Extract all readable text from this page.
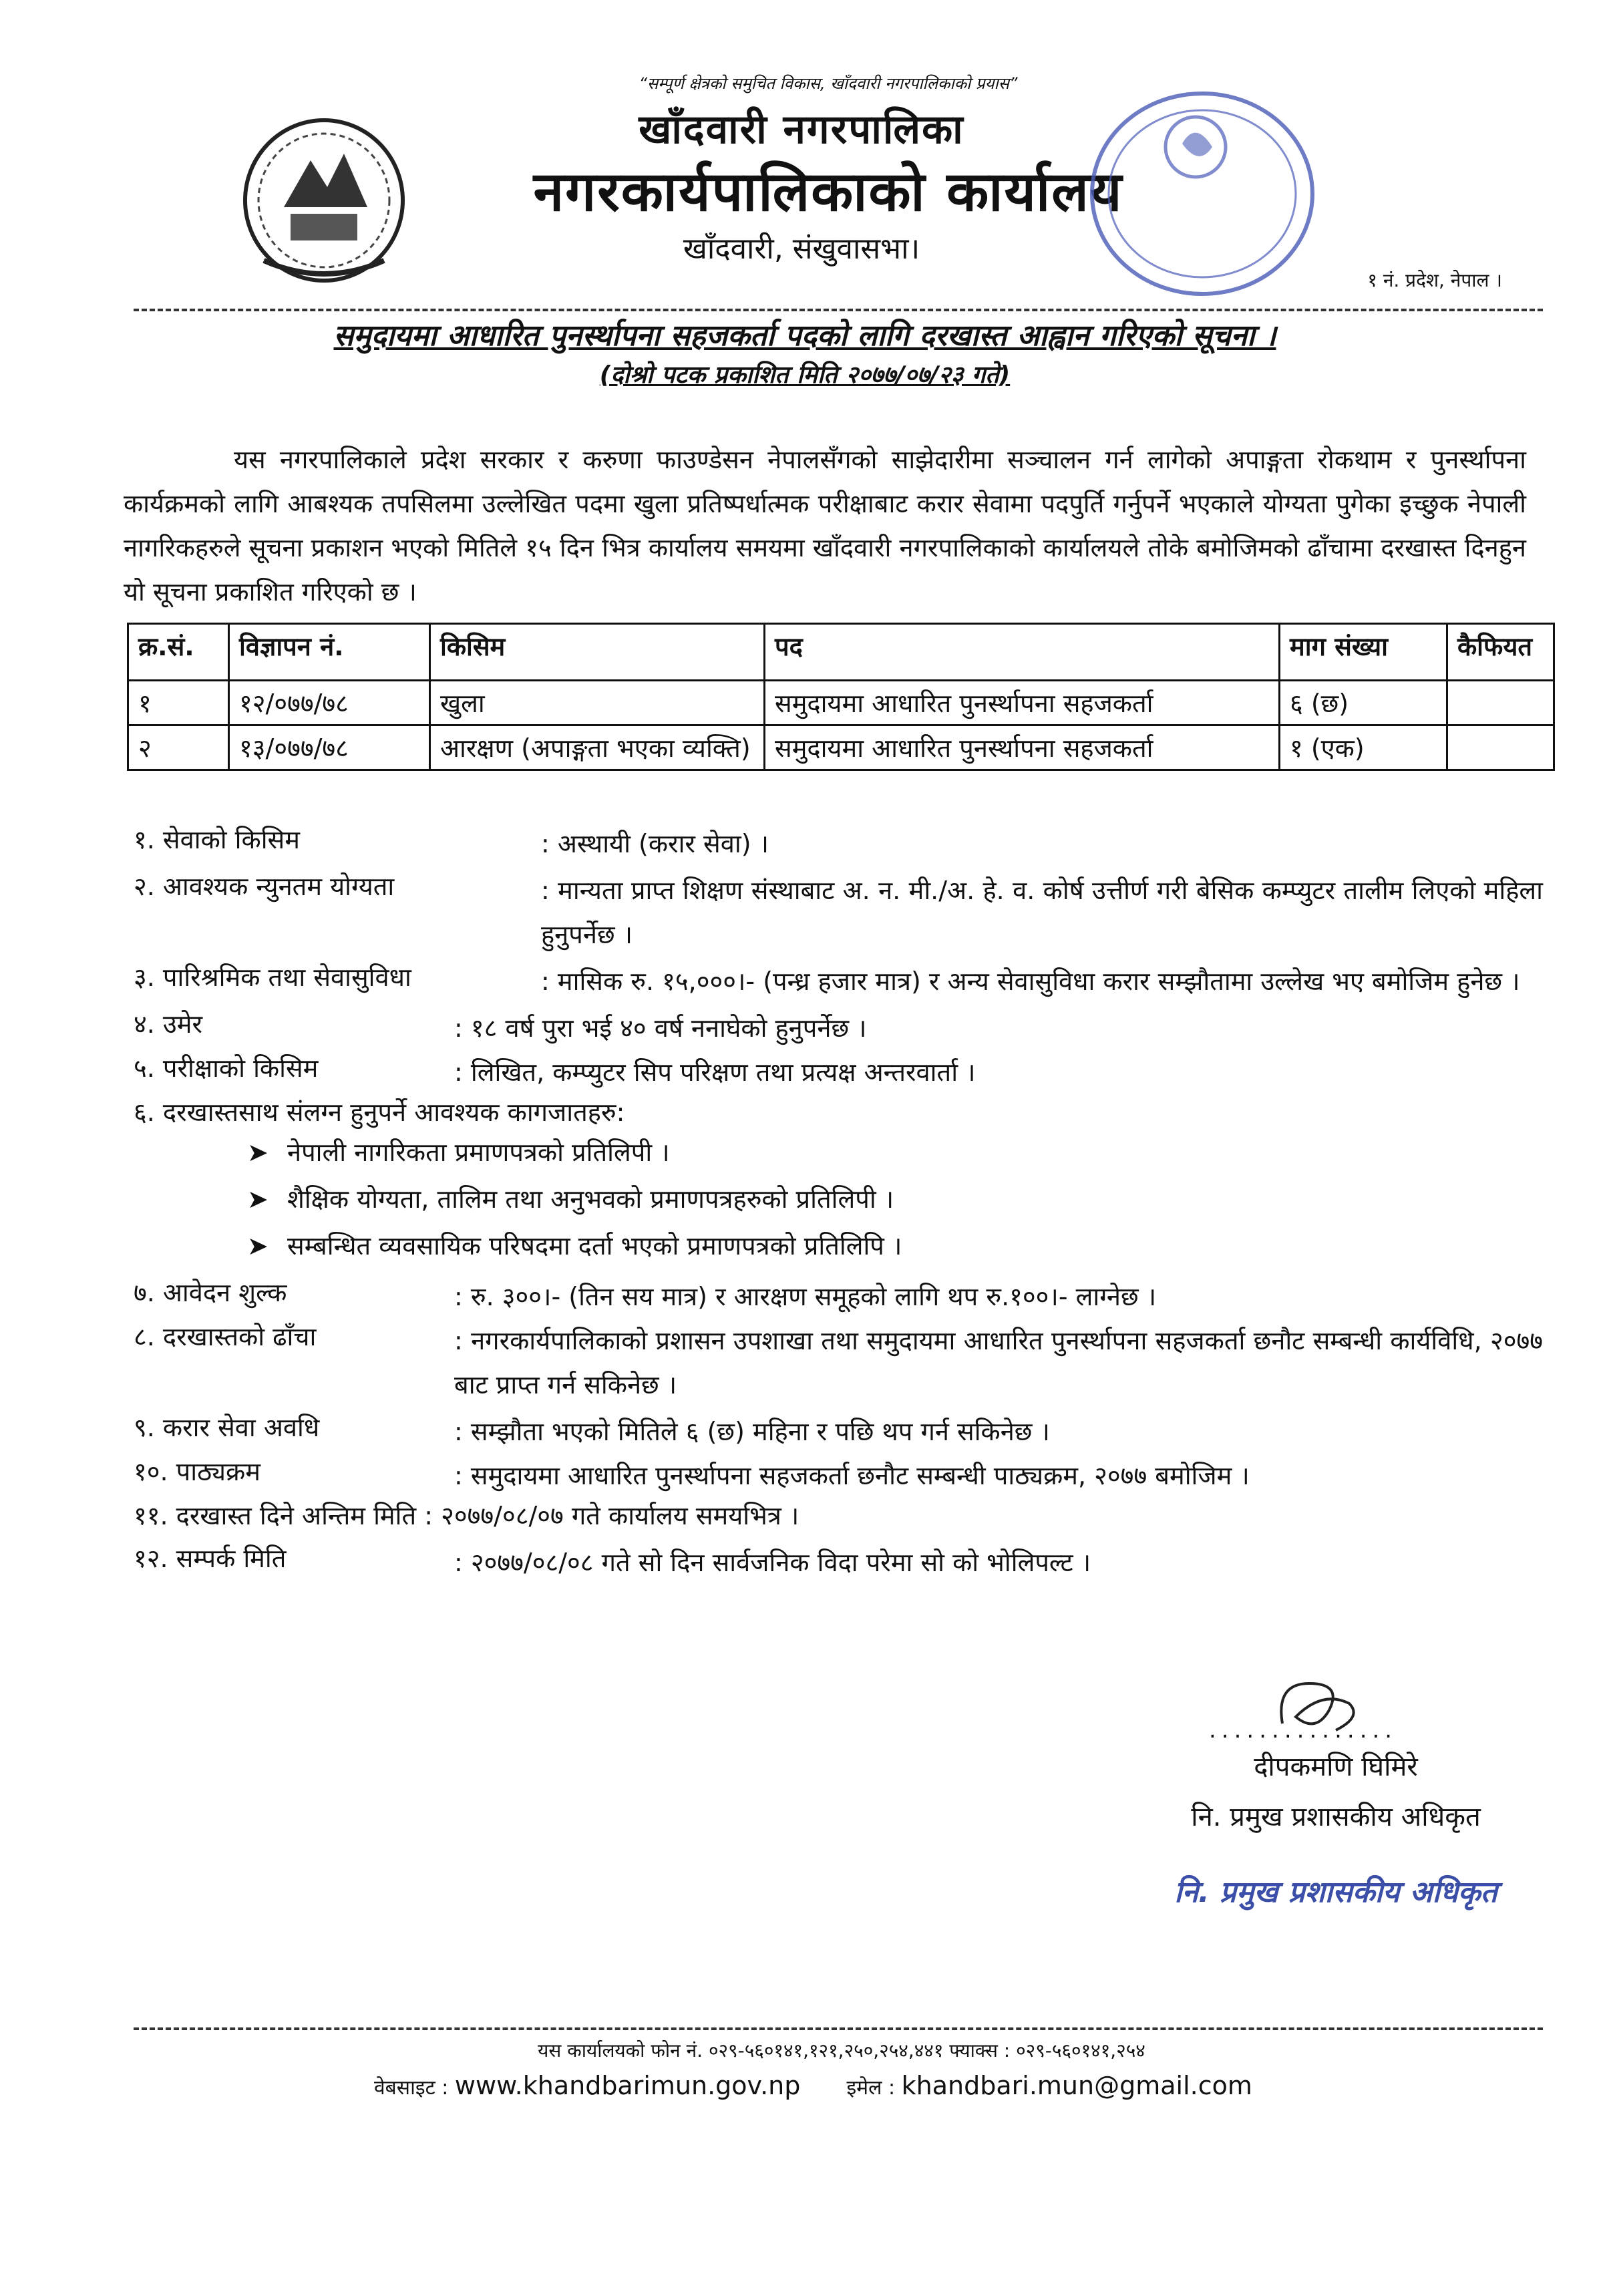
“सम्पूर्ण क्षेत्रको समुचित विकास, खाँदवारी नगरपालिकाको प्रयास”
खाँदवारी नगरपालिका
नगरकार्यपालिकाको कार्यालय
खाँदवारी, संखुवासभा।
१ नं. प्रदेश, नेपाल ।
समुदायमा आधारित पुनर्स्थापना सहजकर्ता पदको लागि दरखास्त आह्वान गरिएको सूचना ।
(दोश्रो पटक प्रकाशित मिति २०७७/०७/२३ गते)
यस नगरपालिकाले प्रदेश सरकार र करुणा फाउण्डेसन नेपालसँगको साझेदारीमा सञ्चालन गर्न लागेको अपाङ्गता रोकथाम र पुनर्स्थापना कार्यक्रमको लागि आबश्यक तपसिलमा उल्लेखित पदमा खुला प्रतिष्पर्धात्मक परीक्षाबाट करार सेवामा पदपुर्ति गर्नुपर्ने भएकाले योग्यता पुगेका इच्छुक नेपाली नागरिकहरुले सूचना प्रकाशन भएको मितिले १५ दिन भित्र कार्यालय समयमा खाँदवारी नगरपालिकाको कार्यालयले तोके बमोजिमको ढाँचामा दरखास्त दिनहुन यो सूचना प्रकाशित गरिएको छ ।
क्र.सं.	विज्ञापन नं.	किसिम	पद	माग संख्या	कैफियत
१	१२/०७७/७८	खुला	समुदायमा आधारित पुनर्स्थापना सहजकर्ता	६ (छ)	
२	१३/०७७/७८	आरक्षण (अपाङ्गता भएका व्यक्ति)	समुदायमा आधारित पुनर्स्थापना सहजकर्ता	१ (एक)	
१. सेवाको किसिम	: अस्थायी (करार सेवा) ।
२. आवश्यक न्युनतम योग्यता	: मान्यता प्राप्त शिक्षण संस्थाबाट अ. न. मी./अ. हे. व. कोर्ष उत्तीर्ण गरी बेसिक कम्प्युटर तालीम लिएको महिला हुनुपर्नेछ ।
३. पारिश्रमिक तथा सेवासुविधा	: मासिक रु. १५,०००।- (पन्ध्र हजार मात्र) र अन्य सेवासुविधा करार सम्झौतामा उल्लेख भए बमोजिम हुनेछ ।
४. उमेर	: १८ वर्ष पुरा भई ४० वर्ष ननाघेको हुनुपर्नेछ ।
५. परीक्षाको किसिम	: लिखित, कम्प्युटर सिप परिक्षण तथा प्रत्यक्ष अन्तरवार्ता ।
६. दरखास्तसाथ संलग्न हुनुपर्ने आवश्यक कागजातहरु:
➤ नेपाली नागरिकता प्रमाणपत्रको प्रतिलिपी ।
➤ शैक्षिक योग्यता, तालिम तथा अनुभवको प्रमाणपत्रहरुको प्रतिलिपी ।
➤ सम्बन्धित व्यवसायिक परिषदमा दर्ता भएको प्रमाणपत्रको प्रतिलिपि ।
७. आवेदन शुल्क	: रु. ३००।- (तिन सय मात्र) र आरक्षण समूहको लागि थप रु.१००।- लाग्नेछ ।
८. दरखास्तको ढाँचा	: नगरकार्यपालिकाको प्रशासन उपशाखा तथा समुदायमा आधारित पुनर्स्थापना सहजकर्ता छनौट सम्बन्धी कार्यविधि, २०७७ बाट प्राप्त गर्न सकिनेछ ।
९. करार सेवा अवधि	: सम्झौता भएको मितिले ६ (छ) महिना र पछि थप गर्न सकिनेछ ।
१०. पाठ्यक्रम	: समुदायमा आधारित पुनर्स्थापना सहजकर्ता छनौट सम्बन्धी पाठ्यक्रम, २०७७ बमोजिम ।
११. दरखास्त दिने अन्तिम मिति : २०७७/०८/०७ गते कार्यालय समयभित्र ।
१२. सम्पर्क मिति	: २०७७/०८/०८ गते सो दिन सार्वजनिक विदा परेमा सो को भोलिपल्ट ।
...............
दीपकमणि घिमिरे
नि. प्रमुख प्रशासकीय अधिकृत
नि. प्रमुख प्रशासकीय अधिकृत
यस कार्यालयको फोन नं. ०२९-५६०१४१,१२१,२५०,२५४,४४१ फ्याक्स : ०२९-५६०१४१,२५४
वेबसाइट : www.khandbarimun.gov.np इमेल : khandbari.mun@gmail.com
